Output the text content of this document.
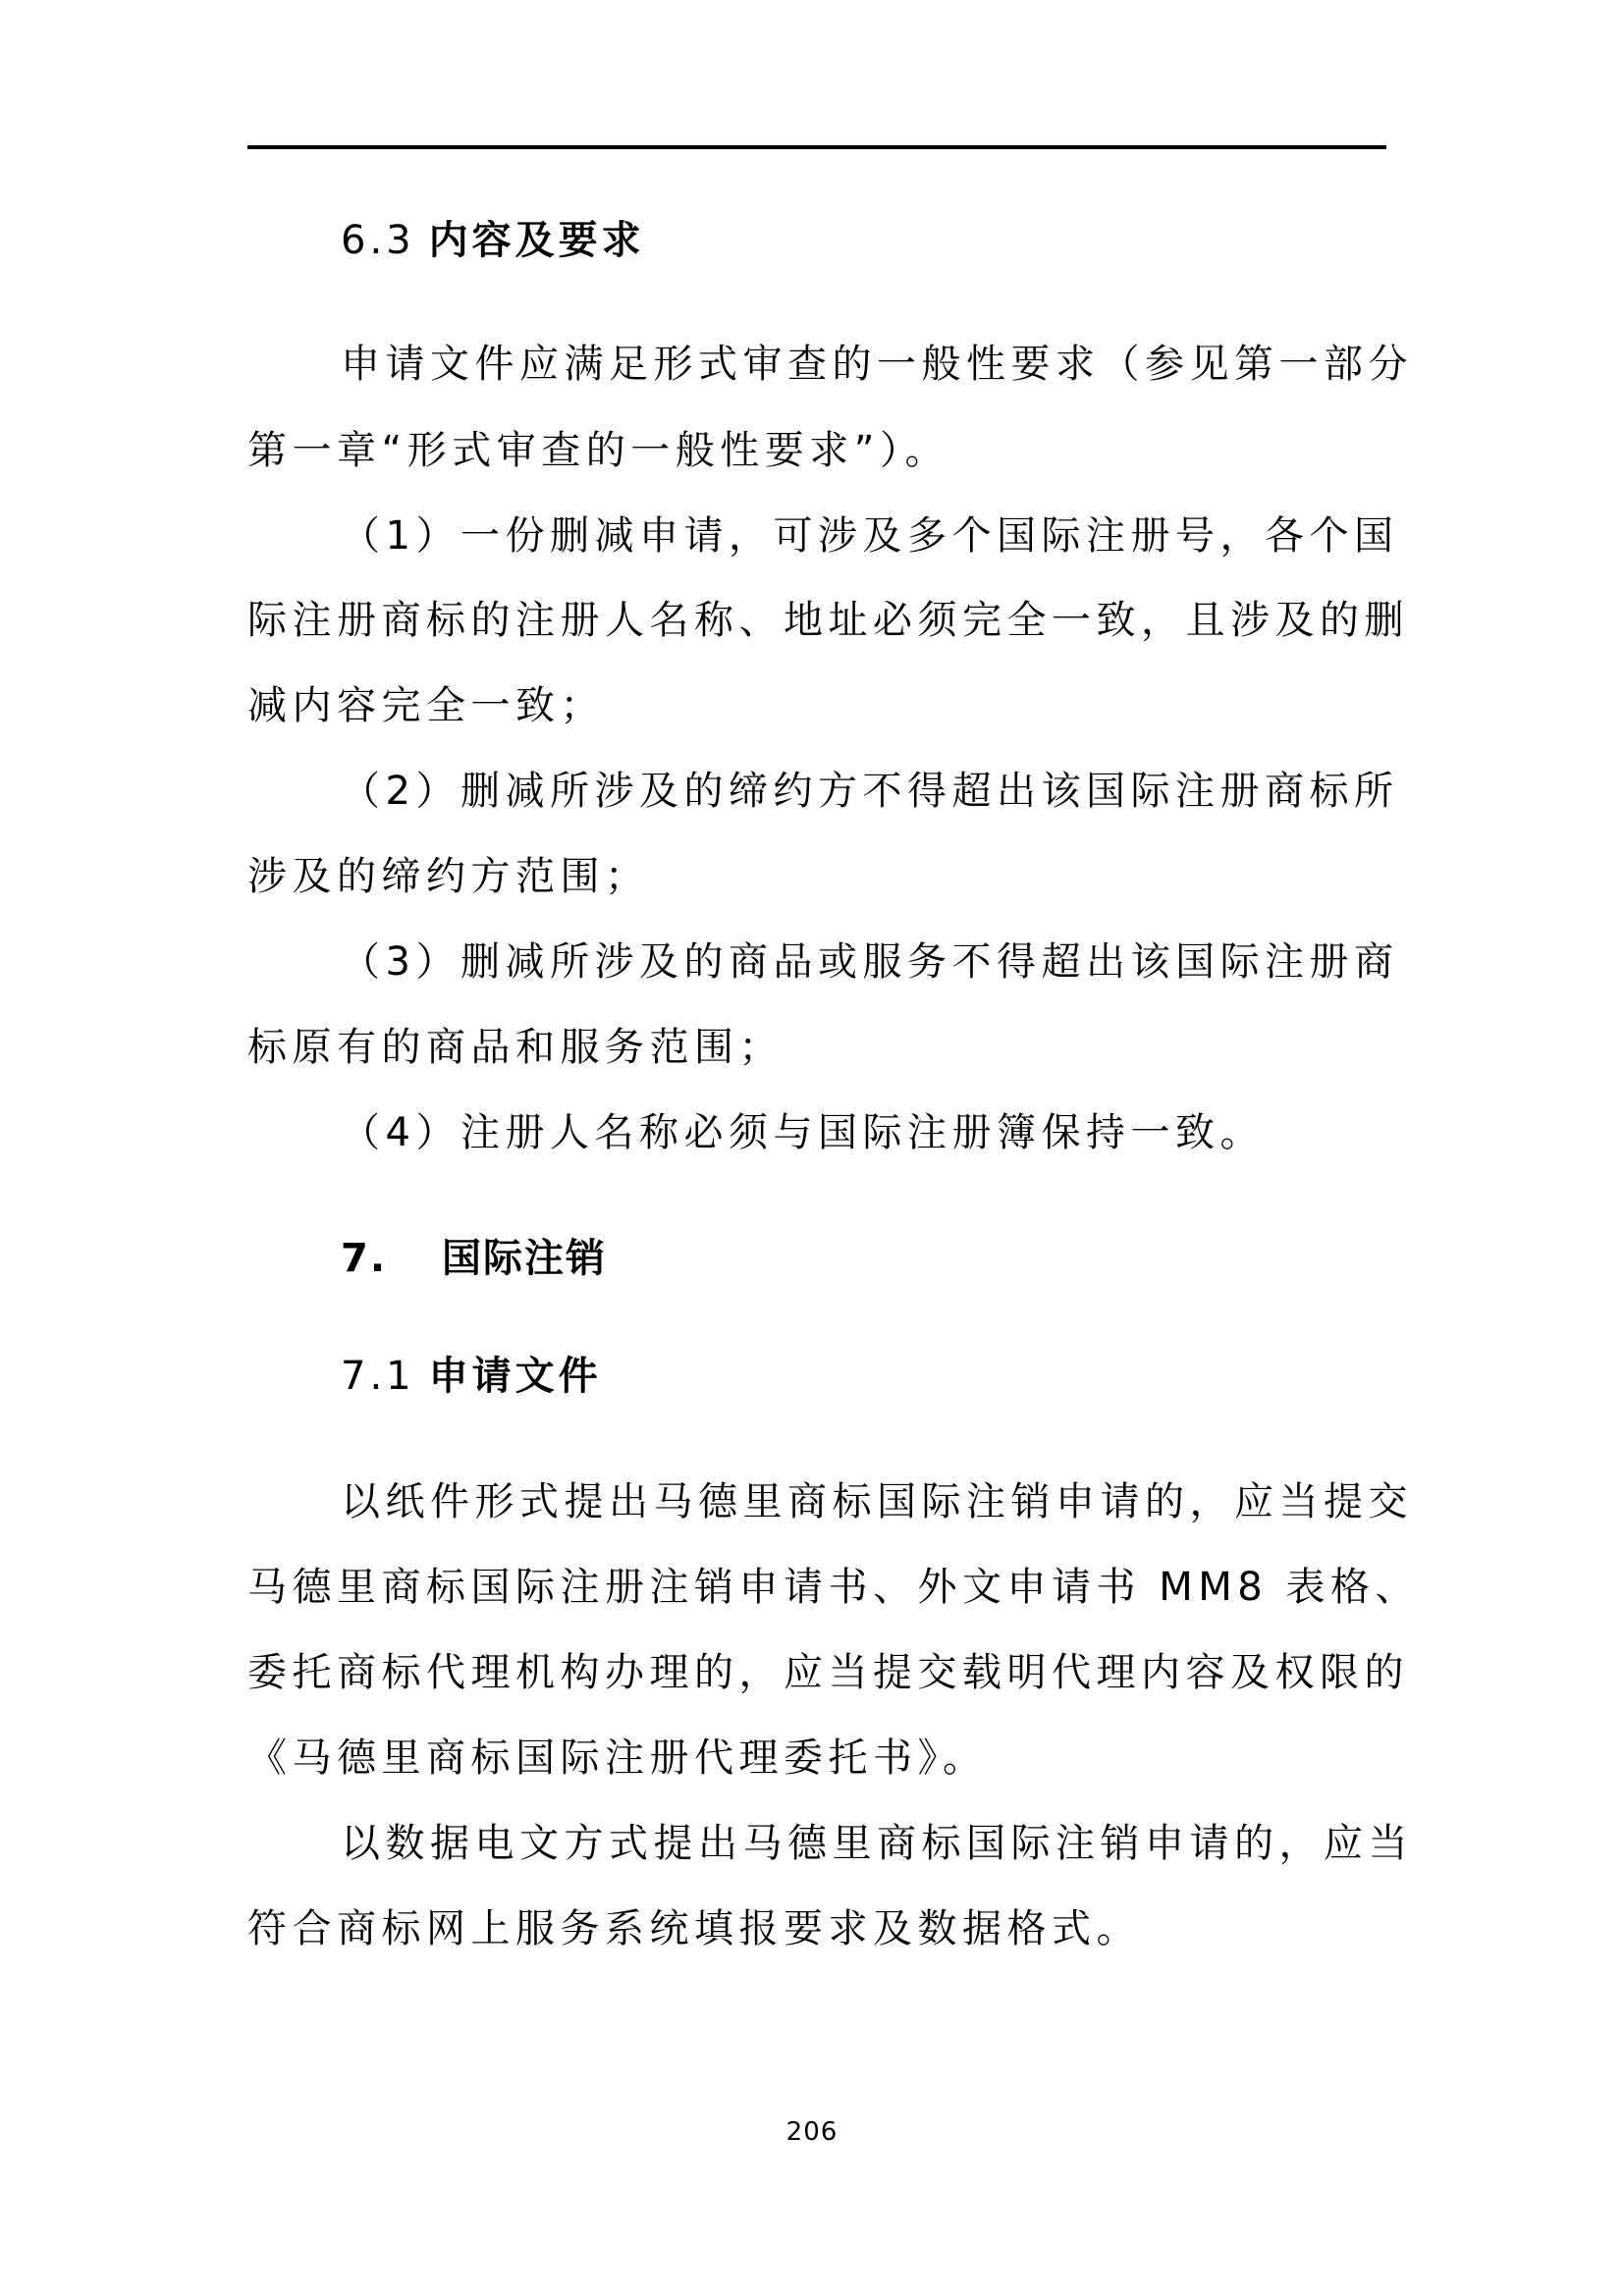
6.3 内容及要求
申请文件应满足形式审查的一般性要求（参见第一部分
第一章“形式审查的一般性要求”）。
（1）一份删减申请，可涉及多个国际注册号，各个国
际注册商标的注册人名称、地址必须完全一致，且涉及的删
减内容完全一致；
（2）删减所涉及的缔约方不得超出该国际注册商标所
涉及的缔约方范围；
（3）删减所涉及的商品或服务不得超出该国际注册商
标原有的商品和服务范围；
（4）注册人名称必须与国际注册簿保持一致。
7. 国际注销
7.1 申请文件
以纸件形式提出马德里商标国际注销申请的，应当提交
马德里商标国际注册注销申请书、外文申请书 MM8 表格、
委托商标代理机构办理的，应当提交载明代理内容及权限的
《马德里商标国际注册代理委托书》。
以数据电文方式提出马德里商标国际注销申请的，应当
符合商标网上服务系统填报要求及数据格式。
206
